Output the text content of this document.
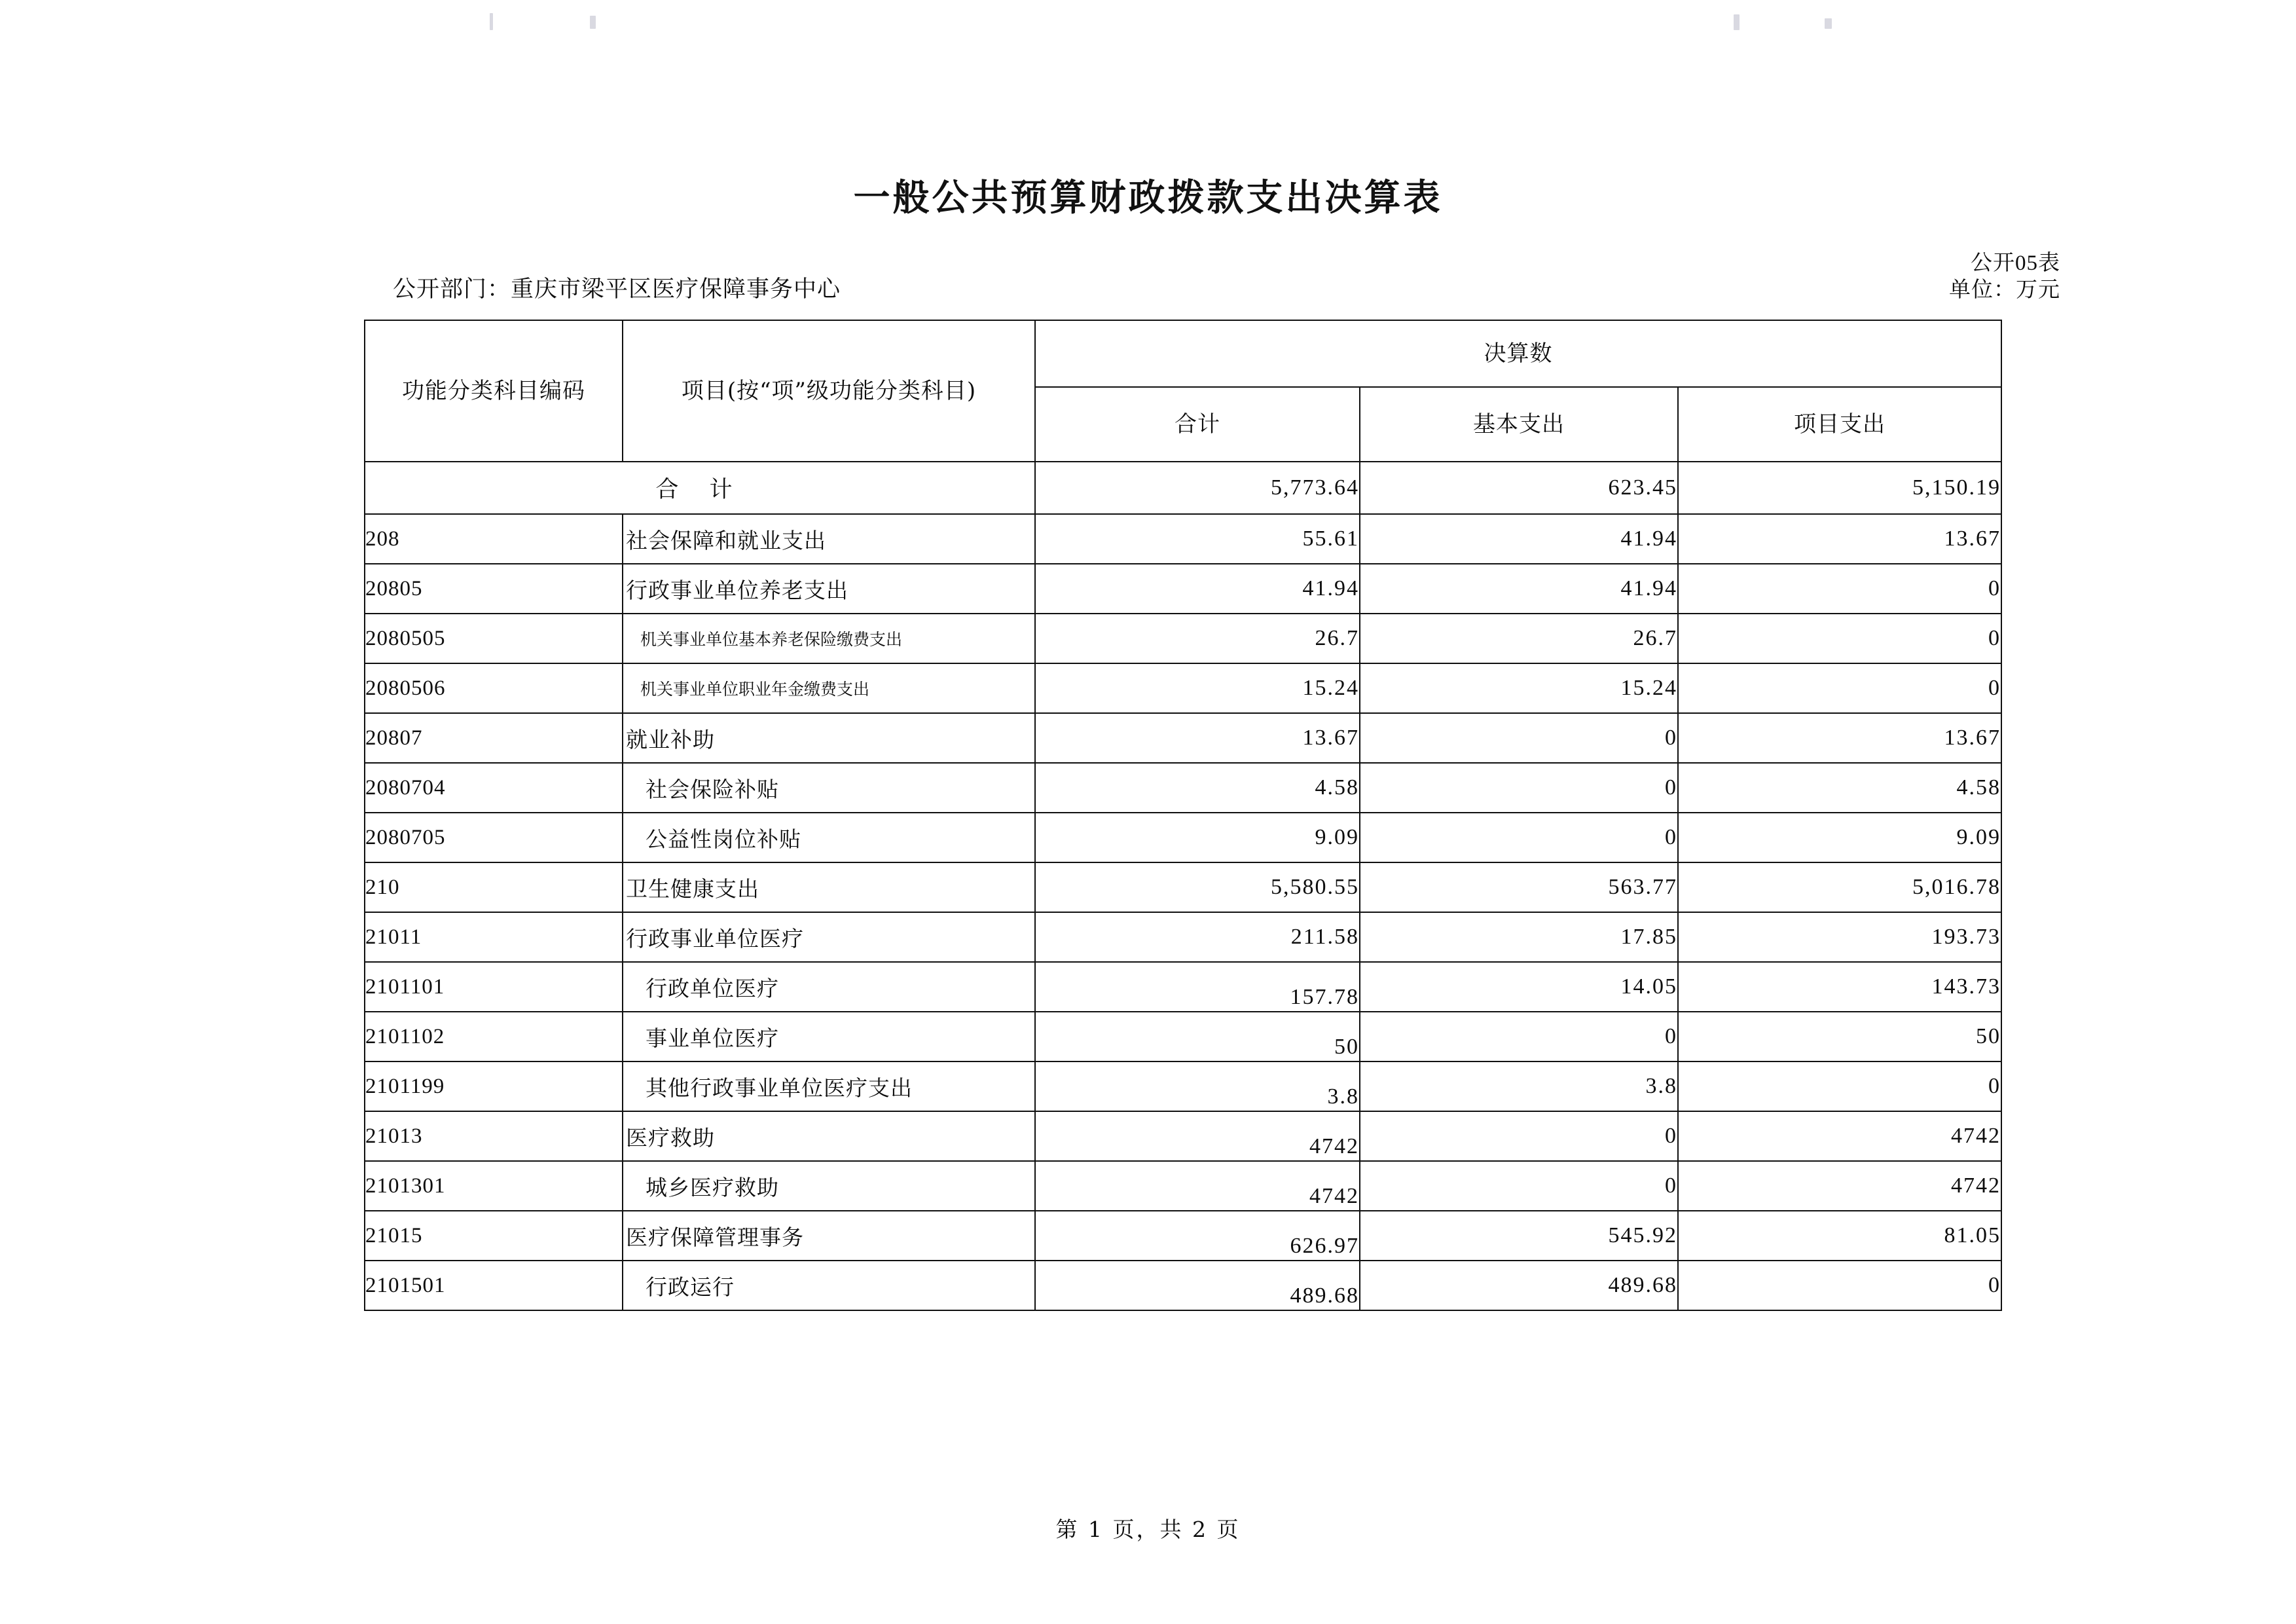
一般公共预算财政拨款支出决算表
公开部门：重庆市梁平区医疗保障事务中心
公开05表
单位：万元
功能分类科目编码	项目(按“项”级功能分类科目)	决算数		
		合计	基本支出	项目支出
合 计		5,773.64	623.45	5,150.19
208	社会保障和就业支出	55.61	41.94	13.67
20805	行政事业单位养老支出	41.94	41.94	0
2080505	机关事业单位基本养老保险缴费支出	26.7	26.7	0
2080506	机关事业单位职业年金缴费支出	15.24	15.24	0
20807	就业补助	13.67	0	13.67
2080704	社会保险补贴	4.58	0	4.58
2080705	公益性岗位补贴	9.09	0	9.09
210	卫生健康支出	5,580.55	563.77	5,016.78
21011	行政事业单位医疗	211.58	17.85	193.73
2101101	行政单位医疗	157.78	14.05	143.73
2101102	事业单位医疗	50	0	50
2101199	其他行政事业单位医疗支出	3.8	3.8	0
21013	医疗救助	4742	0	4742
2101301	城乡医疗救助	4742	0	4742
21015	医疗保障管理事务	626.97	545.92	81.05
2101501	行政运行	489.68	489.68	0
第 1 页，共 2 页
